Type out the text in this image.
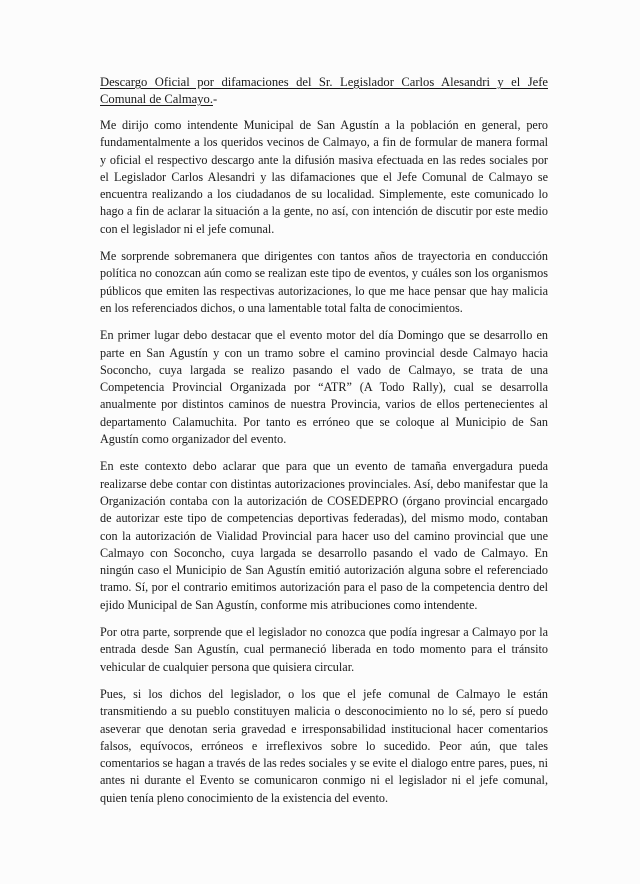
Descargo Oficial por difamaciones del Sr. Legislador Carlos Alesandri y el Jefe Comunal de Calmayo.-

Me dirijo como intendente Municipal de San Agustín a la población en general, pero fundamentalmente a los queridos vecinos de Calmayo, a fin de formular de manera formal y oficial el respectivo descargo ante la difusión masiva efectuada en las redes sociales por el Legislador Carlos Alesandri y las difamaciones que el Jefe Comunal de Calmayo se encuentra realizando a los ciudadanos de su localidad. Simplemente, este comunicado lo hago a fin de aclarar la situación a la gente, no así, con intención de discutir por este medio con el legislador ni el jefe comunal.

Me sorprende sobremanera que dirigentes con tantos años de trayectoria en conducción política no conozcan aún como se realizan este tipo de eventos, y cuáles son los organismos públicos que emiten las respectivas autorizaciones, lo que me hace pensar que hay malicia en los referenciados dichos, o una lamentable total falta de conocimientos.

En primer lugar debo destacar que el evento motor del día Domingo que se desarrollo en parte en San Agustín y con un tramo sobre el camino provincial desde Calmayo hacia Soconcho, cuya largada se realizo pasando el vado de Calmayo, se trata de una Competencia Provincial Organizada por “ATR” (A Todo Rally), cual se desarrolla anualmente por distintos caminos de nuestra Provincia, varios de ellos pertenecientes al departamento Calamuchita. Por tanto es erróneo que se coloque al Municipio de San Agustín como organizador del evento.

En este contexto debo aclarar que para que un evento de tamaña envergadura pueda realizarse debe contar con distintas autorizaciones provinciales. Así, debo manifestar que la Organización contaba con la autorización de COSEDEPRO (órgano provincial encargado de autorizar este tipo de competencias deportivas federadas), del mismo modo, contaban con la autorización de Vialidad Provincial para hacer uso del camino provincial que une Calmayo con Soconcho, cuya largada se desarrollo pasando el vado de Calmayo. En ningún caso el Municipio de San Agustín emitió autorización alguna sobre el referenciado tramo. Sí, por el contrario emitimos autorización para el paso de la competencia dentro del ejido Municipal de San Agustín, conforme mis atribuciones como intendente.

Por otra parte, sorprende que el legislador no conozca que podía ingresar a Calmayo por la entrada desde San Agustín, cual permaneció liberada en todo momento para el tránsito vehicular de cualquier persona que quisiera circular.

Pues, si los dichos del legislador, o los que el jefe comunal de Calmayo le están transmitiendo a su pueblo constituyen malicia o desconocimiento no lo sé, pero sí puedo aseverar que denotan seria gravedad e irresponsabilidad institucional hacer comentarios falsos, equívocos, erróneos e irreflexivos sobre lo sucedido. Peor aún, que tales comentarios se hagan a través de las redes sociales y se evite el dialogo entre pares, pues, ni antes ni durante el Evento se comunicaron conmigo ni el legislador ni el jefe comunal, quien tenía pleno conocimiento de la existencia del evento.
